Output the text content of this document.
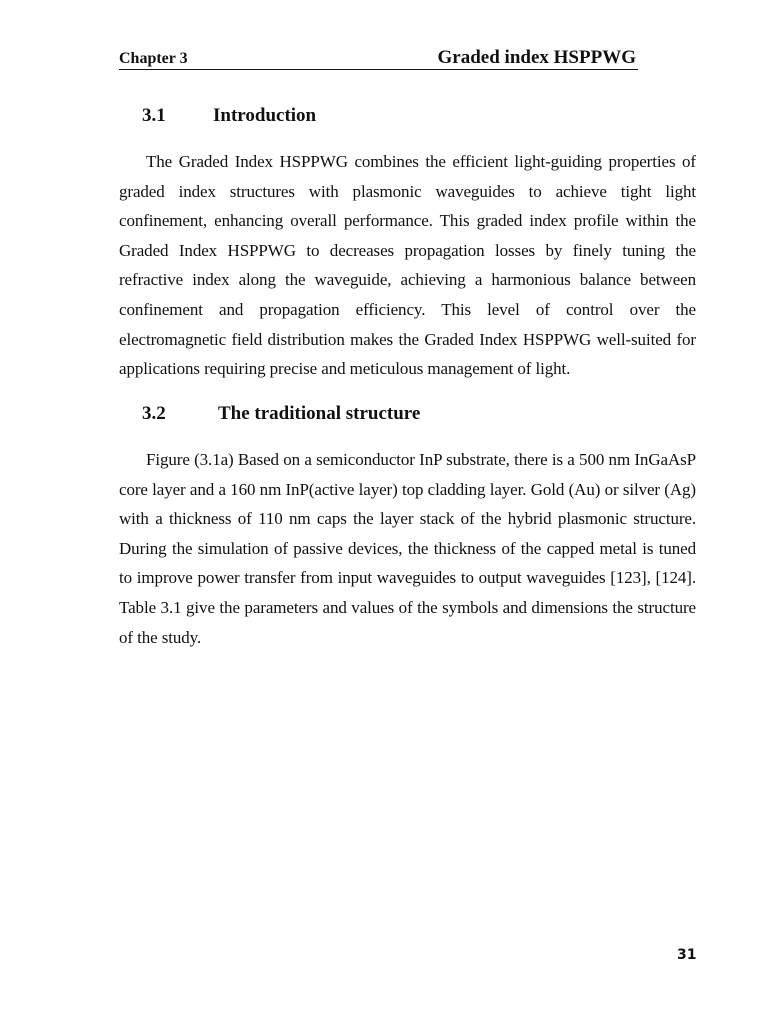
Chapter 3	Graded index HSPPWG
3.1	Introduction

The Graded Index HSPPWG combines the efficient light-guiding properties of graded index structures with plasmonic waveguides to achieve tight light confinement, enhancing overall performance. This graded index profile within the Graded Index HSPPWG to decreases propagation losses by finely tuning the refractive index along the waveguide, achieving a harmonious balance between confinement and propagation efficiency. This level of control over the electromagnetic field distribution makes the Graded Index HSPPWG well-suited for applications requiring precise and meticulous management of light.

3.2	The traditional structure

Figure (3.1a) Based on a semiconductor InP substrate, there is a 500 nm InGaAsP core layer and a 160 nm InP(active layer) top cladding layer. Gold (Au) or silver (Ag) with a thickness of 110 nm caps the layer stack of the hybrid plasmonic structure. During the simulation of passive devices, the thickness of the capped metal is tuned to improve power transfer from input waveguides to output waveguides [123], [124]. Table 3.1 give the parameters and values of the symbols and dimensions the structure of the study.

31
